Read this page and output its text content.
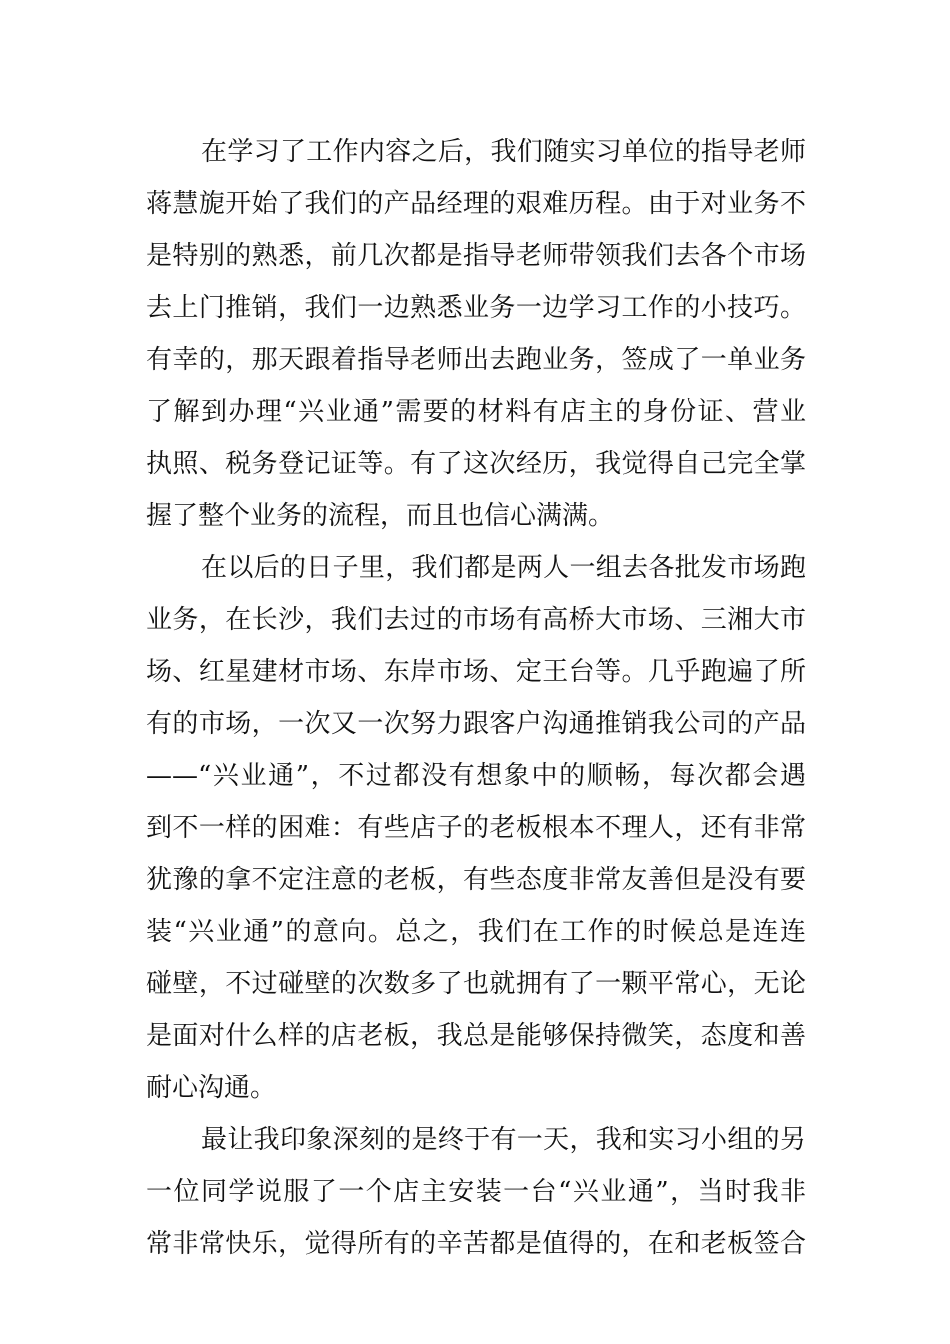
在学习了工作内容之后，我们随实习单位的指导老师
蒋慧旎开始了我们的产品经理的艰难历程。由于对业务不
是特别的熟悉，前几次都是指导老师带领我们去各个市场
去上门推销，我们一边熟悉业务一边学习工作的小技巧。
有幸的，那天跟着指导老师出去跑业务，签成了一单业务
了解到办理“兴业通”需要的材料有店主的身份证、营业
执照、税务登记证等。有了这次经历，我觉得自己完全掌
握了整个业务的流程，而且也信心满满。
在以后的日子里，我们都是两人一组去各批发市场跑
业务，在长沙，我们去过的市场有高桥大市场、三湘大市
场、红星建材市场、东岸市场、定王台等。几乎跑遍了所
有的市场，一次又一次努力跟客户沟通推销我公司的产品
——“兴业通”，不过都没有想象中的顺畅，每次都会遇
到不一样的困难：有些店子的老板根本不理人，还有非常
犹豫的拿不定注意的老板，有些态度非常友善但是没有要
装“兴业通”的意向。总之，我们在工作的时候总是连连
碰壁，不过碰壁的次数多了也就拥有了一颗平常心，无论
是面对什么样的店老板，我总是能够保持微笑，态度和善
耐心沟通。
最让我印象深刻的是终于有一天，我和实习小组的另
一位同学说服了一个店主安装一台“兴业通”，当时我非
常非常快乐，觉得所有的辛苦都是值得的，在和老板签合
